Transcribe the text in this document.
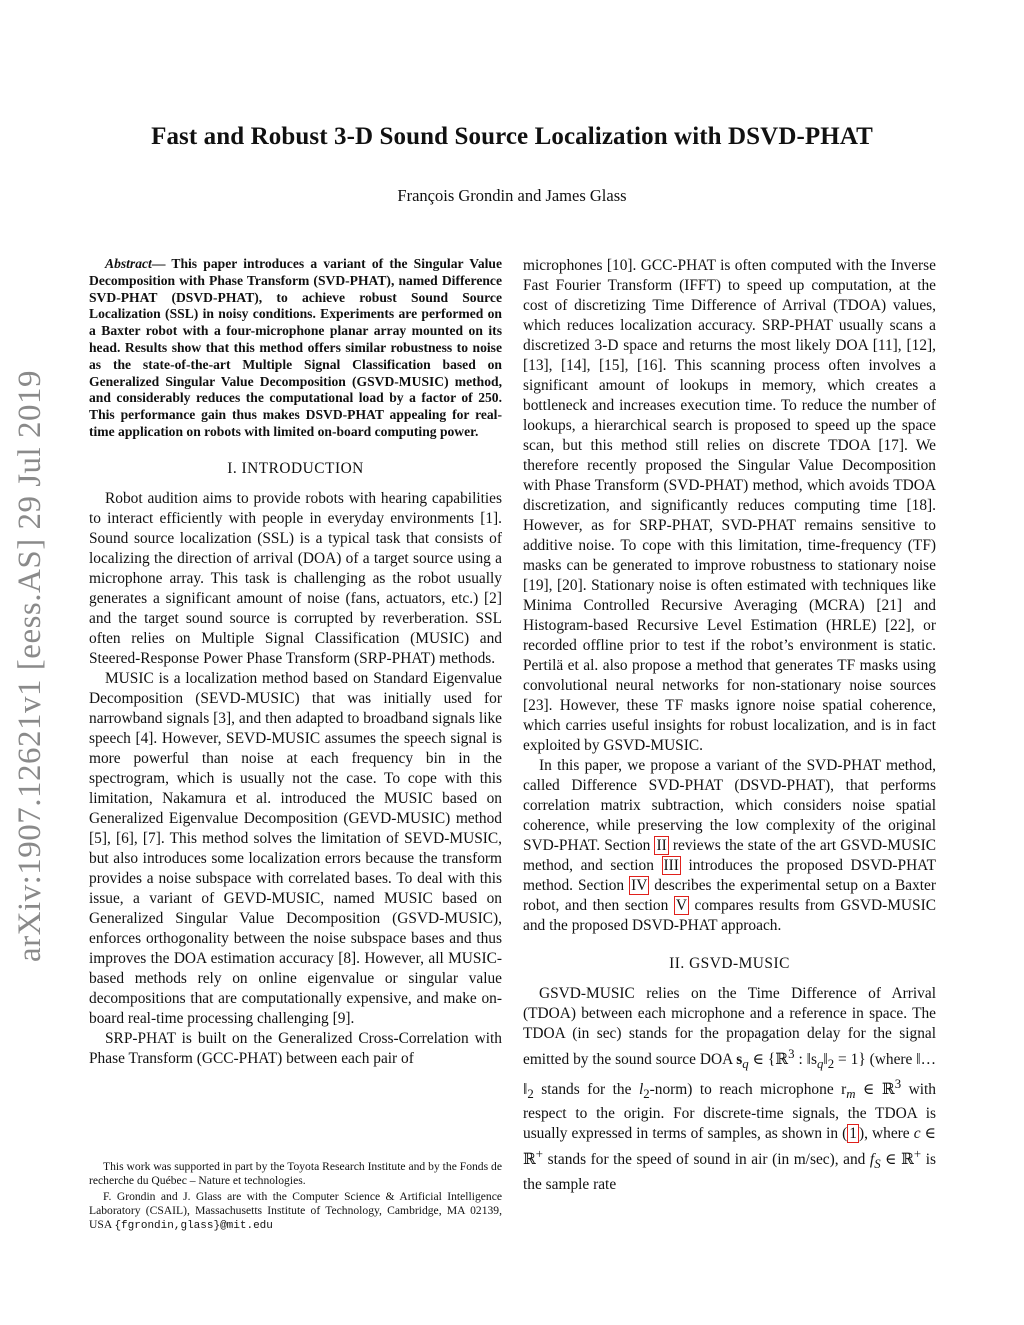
Fast and Robust 3-D Sound Source Localization with DSVD-PHAT
François Grondin and James Glass
arXiv:1907.12621v1 [eess.AS] 29 Jul 2019
Abstract— This paper introduces a variant of the Singular Value Decomposition with Phase Transform (SVD-PHAT), named Difference SVD-PHAT (DSVD-PHAT), to achieve robust Sound Source Localization (SSL) in noisy conditions. Experiments are performed on a Baxter robot with a four-microphone planar array mounted on its head. Results show that this method offers similar robustness to noise as the state-of-the-art Multiple Signal Classification based on Generalized Singular Value Decomposition (GSVD-MUSIC) method, and considerably reduces the computational load by a factor of 250. This performance gain thus makes DSVD-PHAT appealing for real-time application on robots with limited on-board computing power.
I. INTRODUCTION

Robot audition aims to provide robots with hearing capabilities to interact efficiently with people in everyday environments [1]. Sound source localization (SSL) is a typical task that consists of localizing the direction of arrival (DOA) of a target source using a microphone array. This task is challenging as the robot usually generates a significant amount of noise (fans, actuators, etc.) [2] and the target sound source is corrupted by reverberation. SSL often relies on Multiple Signal Classification (MUSIC) and Steered-Response Power Phase Transform (SRP-PHAT) methods.

MUSIC is a localization method based on Standard Eigenvalue Decomposition (SEVD-MUSIC) that was initially used for narrowband signals [3], and then adapted to broadband signals like speech [4]. However, SEVD-MUSIC assumes the speech signal is more powerful than noise at each frequency bin in the spectrogram, which is usually not the case. To cope with this limitation, Nakamura et al. introduced the MUSIC based on Generalized Eigenvalue Decomposition (GEVD-MUSIC) method [5], [6], [7]. This method solves the limitation of SEVD-MUSIC, but also introduces some localization errors because the transform provides a noise subspace with correlated bases. To deal with this issue, a variant of GEVD-MUSIC, named MUSIC based on Generalized Singular Value Decomposition (GSVD-MUSIC), enforces orthogonality between the noise subspace bases and thus improves the DOA estimation accuracy [8]. However, all MUSIC-based methods rely on online eigenvalue or singular value decompositions that are computationally expensive, and make on-board real-time processing challenging [9].

SRP-PHAT is built on the Generalized Cross-Correlation with Phase Transform (GCC-PHAT) between each pair of

This work was supported in part by the Toyota Research Institute and by the Fonds de recherche du Québec – Nature et technologies.

F. Grondin and J. Glass are with the Computer Science & Artificial Intelligence Laboratory (CSAIL), Massachusetts Institute of Technology, Cambridge, MA 02139, USA {fgrondin,glass}@mit.edu

microphones [10]. GCC-PHAT is often computed with the Inverse Fast Fourier Transform (IFFT) to speed up computation, at the cost of discretizing Time Difference of Arrival (TDOA) values, which reduces localization accuracy. SRP-PHAT usually scans a discretized 3-D space and returns the most likely DOA [11], [12], [13], [14], [15], [16]. This scanning process often involves a significant amount of lookups in memory, which creates a bottleneck and increases execution time. To reduce the number of lookups, a hierarchical search is proposed to speed up the space scan, but this method still relies on discrete TDOA [17]. We therefore recently proposed the Singular Value Decomposition with Phase Transform (SVD-PHAT) method, which avoids TDOA discretization, and significantly reduces computing time [18]. However, as for SRP-PHAT, SVD-PHAT remains sensitive to additive noise. To cope with this limitation, time-frequency (TF) masks can be generated to improve robustness to stationary noise [19], [20]. Stationary noise is often estimated with techniques like Minima Controlled Recursive Averaging (MCRA) [21] and Histogram-based Recursive Level Estimation (HRLE) [22], or recorded offline prior to test if the robot’s environment is static. Pertilä et al. also propose a method that generates TF masks using convolutional neural networks for non-stationary noise sources [23]. However, these TF masks ignore noise spatial coherence, which carries useful insights for robust localization, and is in fact exploited by GSVD-MUSIC.

In this paper, we propose a variant of the SVD-PHAT method, called Difference SVD-PHAT (DSVD-PHAT), that performs correlation matrix subtraction, which considers noise spatial coherence, while preserving the low complexity of the original SVD-PHAT. Section II reviews the state of the art GSVD-MUSIC method, and section III introduces the proposed DSVD-PHAT method. Section IV describes the experimental setup on a Baxter robot, and then section V compares results from GSVD-MUSIC and the proposed DSVD-PHAT approach.

II. GSVD-MUSIC

GSVD-MUSIC relies on the Time Difference of Arrival (TDOA) between each microphone and a reference in space. The TDOA (in sec) stands for the propagation delay for the signal emitted by the sound source DOA $s_q$ ∈ {ℝ$^3$ : $‖s_q‖_2 = 1$} (where $‖\dots‖_2$ stands for the $l_2-norm$) to reach microphone $r_m$ ∈ ℝ$^3$ with respect to the origin. For discrete-time signals, the TDOA is usually expressed in terms of samples, as shown in ( 1 ), where c ∈ ℝ+ stands for the speed of sound in air (in m/sec), and $f_S$ ∈ ℝ+ is the sample rate
